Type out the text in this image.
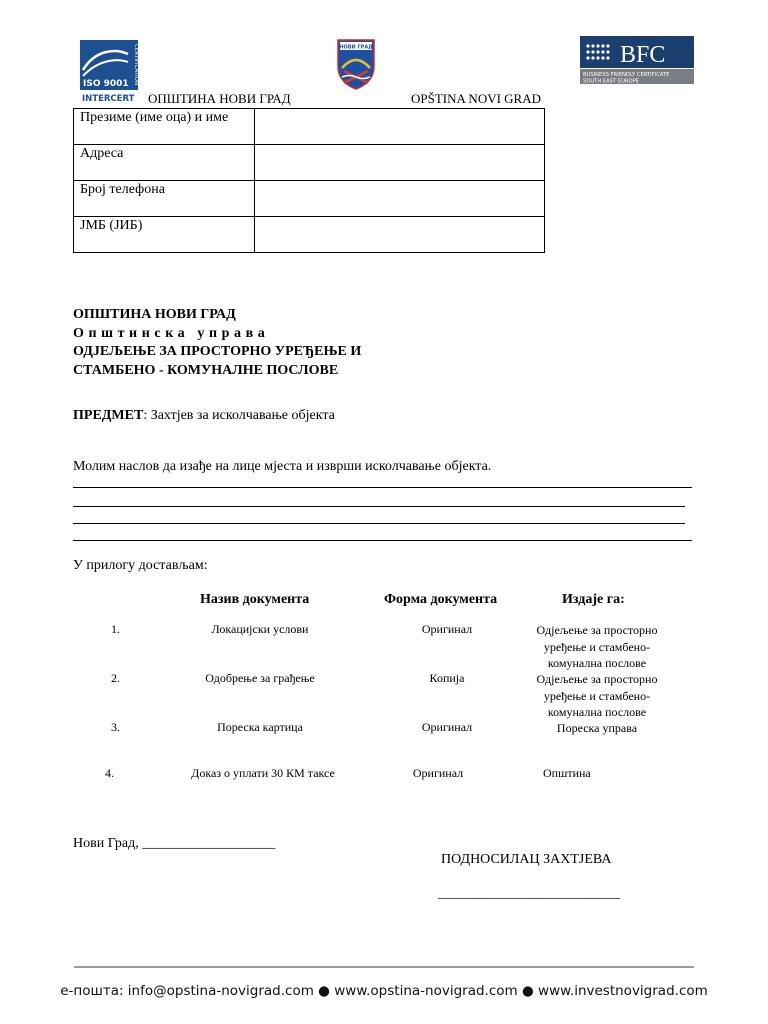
ISO 9001 CERTIFICATION
INTERCERT
НОВИ ГРАД	BFC
BUSINESS FRIENDLY CERTIFICATE
SOUTH EAST EUROPE
ОПШТИНА НОВИ ГРАД	OPŠTINA NOVI GRAD
Презиме (име оца) и име	
Адреса	
Број телефона	
ЈМБ (ЈИБ)	
ОПШТИНА НОВИ ГРАД
Општинска управа
ОДЈЕЉЕЊЕ ЗА ПРОСТОРНО УРЕЂЕЊЕ И
СТАМБЕНО - КОМУНАЛНЕ ПОСЛОВЕ
ПРЕДМЕТ: Захтјев за исколчавање објекта
Молим наслов да изађе на лице мјеста и изврши исколчавање објекта.
У прилогу достављам:
Назив документа	Форма документа	Издаје га:
1.	Локацијски услови	Оригинал	Одјељење за просторно уређење и стамбено-комунална послове
2.	Одобрење за грађење	Копија	Одјељење за просторно уређење и стамбено-комунална послове
3.	Пореска картица	Оригинал	Пореска управа
4.	Доказ о уплати 30 КМ таксе	Оригинал	Општина
Нови Град, ___________________
ПОДНОСИЛАЦ ЗАХТЈЕВА
__________________________
е-пошта: info@opstina-novigrad.com ● www.opstina-novigrad.com ● www.investnovigrad.com
